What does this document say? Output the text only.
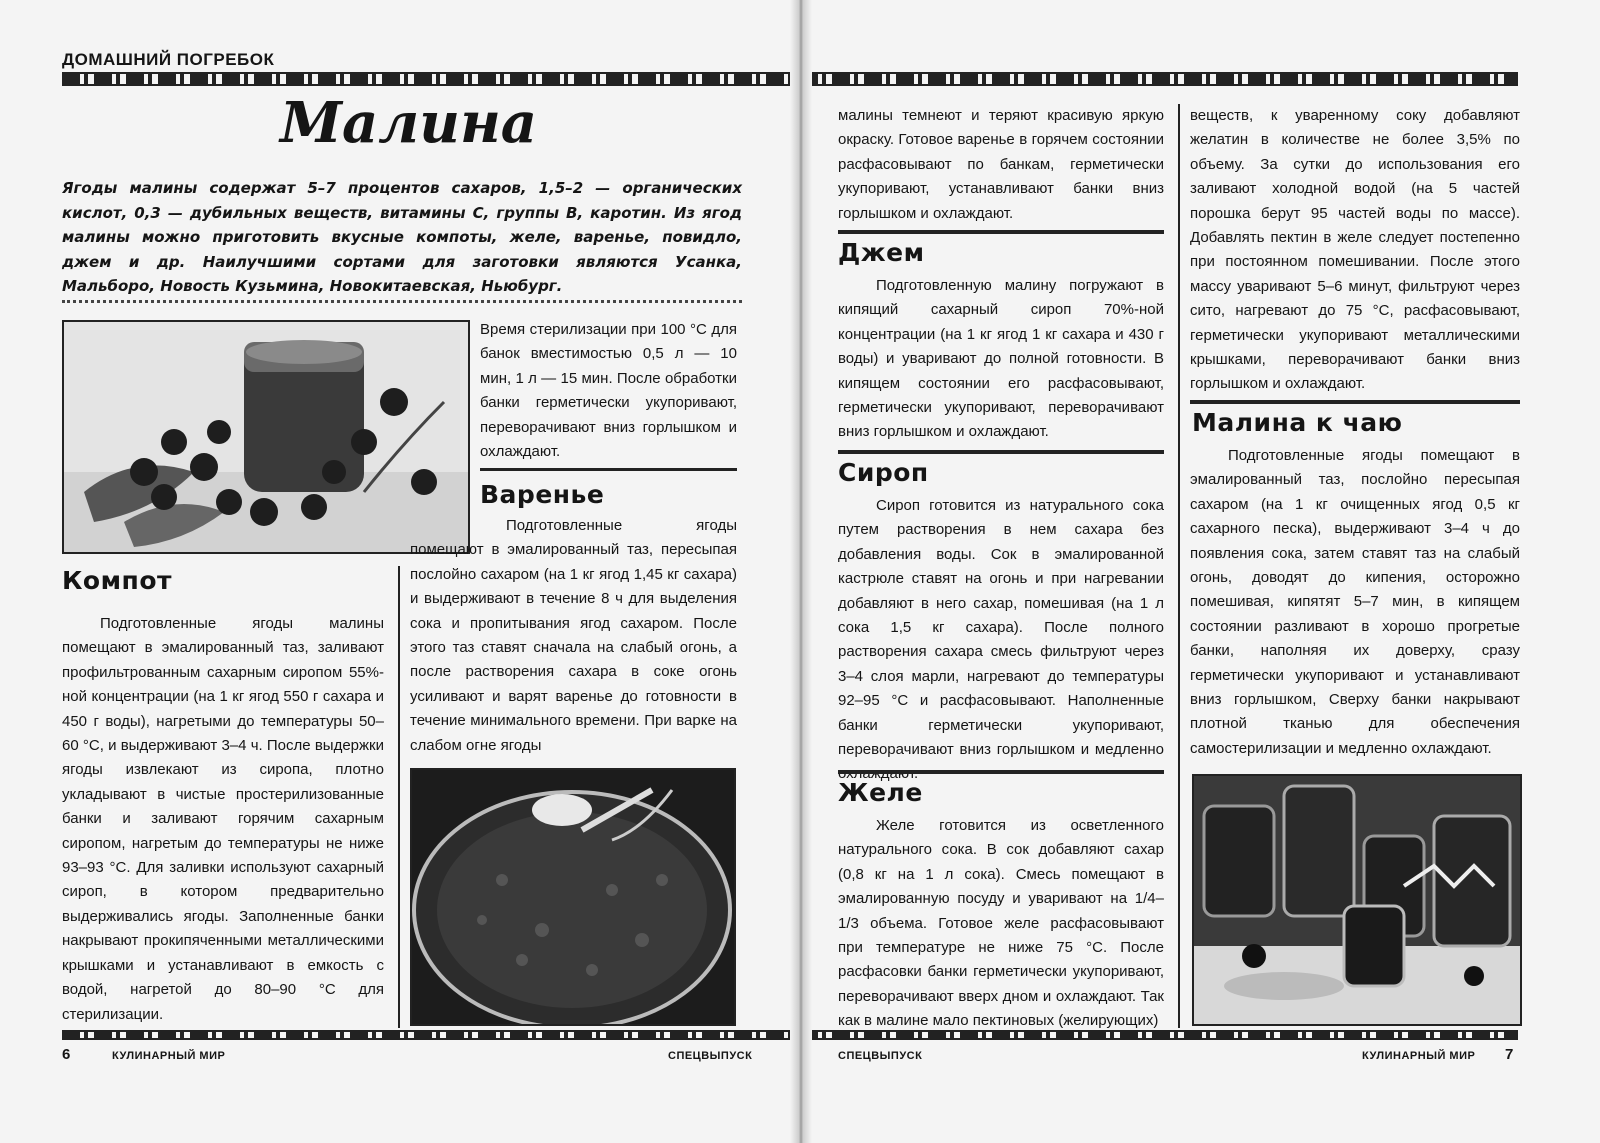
ДОМАШНИЙ ПОГРЕБОК
Малина
Ягоды малины содержат 5–7 процентов сахаров, 1,5–2 — органических кислот, 0,3 — дубильных веществ, витамины С, группы В, каротин. Из ягод малины можно приготовить вкусные компоты, желе, варенье, повидло, джем и др. Наилучшими сортами для заготовки являются Усанка, Мальборо, Новость Кузьмина, Новокитаевская, Ньюбург.

Время стерилизации при 100 °С для банок вместимостью 0,5 л — 10 мин, 1 л — 15 мин. После обработки банки герметически укупоривают, переворачивают вниз горлышком и охлаждают.

Варенье

Подготовленные ягоды помещают в эмалированный таз, пересыпая послойно сахаром (на 1 кг ягод 1,45 кг сахара) и выдерживают в течение 8 ч для выделения сока и пропитывания ягод сахаром. После этого таз ставят сначала на слабый огонь, а после растворения сахара в соке огонь усиливают и варят варенье до готовности в течение минимального времени. При варке на слабом огне ягоды

Компот

Подготовленные ягоды малины помещают в эмалированный таз, заливают профильтрованным сахарным сиропом 55%-ной концентрации (на 1 кг ягод 550 г сахара и 450 г воды), нагретыми до температуры 50–60 °С, и выдерживают 3–4 ч. После выдержки ягоды извлекают из сиропа, плотно укладывают в чистые простерилизованные банки и заливают горячим сахарным сиропом, нагретым до температуры не ниже 93–93 °С. Для заливки используют сахарный сироп, в котором предварительно выдерживались ягоды. Заполненные банки накрывают прокипяченными металлическими крышками и устанавливают в емкость с водой, нагретой до 80–90 °С для стерилизации.

6	КУЛИНАРНЫЙ МИР	СПЕЦВЫПУСК

малины темнеют и теряют красивую яркую окраску. Готовое варенье в горячем состоянии расфасовывают по банкам, герметически укупоривают, устанавливают банки вниз горлышком и охлаждают.

Джем

Подготовленную малину погружают в кипящий сахарный сироп 70%-ной концентрации (на 1 кг ягод 1 кг сахара и 430 г воды) и уваривают до полной готовности. В кипящем состоянии его расфасовывают, герметически укупоривают, переворачивают вниз горлышком и охлаждают.

Сироп

Сироп готовится из натурального сока путем растворения в нем сахара без добавления воды. Сок в эмалированной кастрюле ставят на огонь и при нагревании добавляют в него сахар, помешивая (на 1 л сока 1,5 кг сахара). После полного растворения сахара смесь фильтруют через 3–4 слоя марли, нагревают до температуры 92–95 °С и расфасовывают. Наполненные банки герметически укупоривают, переворачивают вниз горлышком и медленно

Желе

Желе готовится из осветленного натурального сока. В сок добавляют сахар (0,8 кг на 1 л сока). Смесь помещают в эмалированную посуду и уваривают на 1/4–1/3 объема. Готовое желе расфасовывают при температуре не ниже 75 °С. После расфасовки банки герметически укупоривают, переворачивают вверх дном и охлаждают. Так как в малине мало пектиновых (желирующих)

веществ, к уваренному соку добавляют желатин в количестве не более 3,5% по объему. За сутки до использования его заливают холодной водой (на 5 частей порошка берут 95 частей воды по массе). Добавлять пектин в желе следует постепенно при постоянном помешивании. После этого массу уваривают 5–6 минут, фильтруют через сито, нагревают до 75 °С, расфасовывают, герметически укупоривают металлическими крышками, переворачивают банки вниз горлышком и охлаждают.

Малина к чаю

Подготовленные ягоды помещают в эмалированный таз, послойно пересыпая сахаром (на 1 кг очищенных ягод 0,5 кг сахарного песка), выдерживают 3–4 ч до появления сока, затем ставят таз на слабый огонь, доводят до кипения, осторожно помешивая, кипятят 5–7 мин, в кипящем состоянии разливают в хорошо прогретые банки, наполняя их доверху, сразу герметически укупоривают и устанавливают вниз горлышком, Сверху банки накрывают плотной тканью для обеспечения самостерилизации и медленно охлаждают.

СПЕЦВЫПУСК	КУЛИНАРНЫЙ МИР 7
